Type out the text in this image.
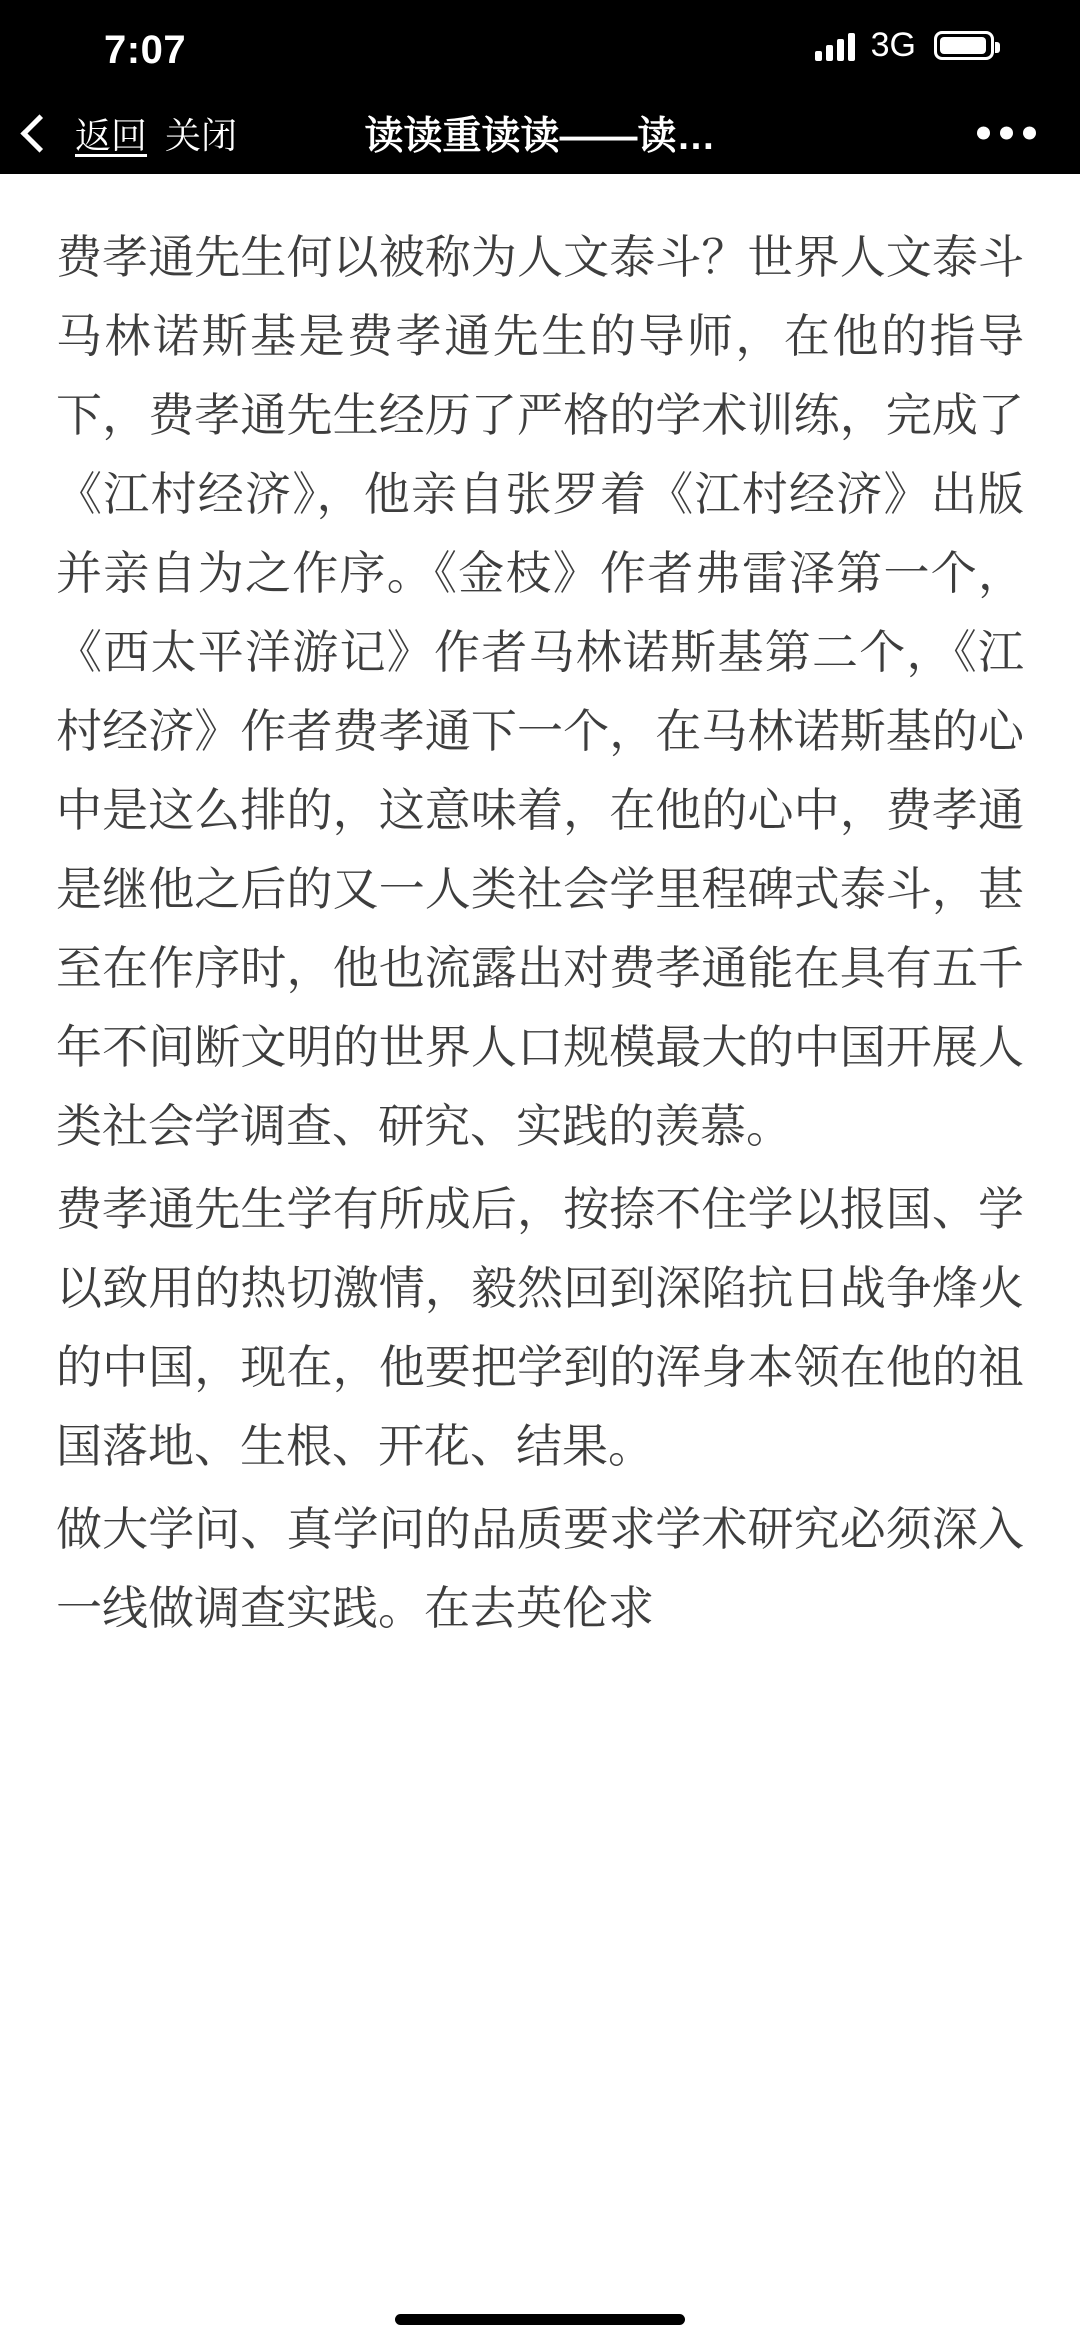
7:07	3G
返回 关闭	读读重读读——读…

费孝通先生何以被称为人文泰斗？世界人文泰斗马林诺斯基是费孝通先生的导师，在他的指导下，费孝通先生经历了严格的学术训练，完成了《江村经济》，他亲自张罗着《江村经济》出版并亲自为之作序。《金枝》作者弗雷泽第一个，《西太平洋游记》作者马林诺斯基第二个，《江村经济》作者费孝通下一个，在马林诺斯基的心中是这么排的，这意味着，在他的心中，费孝通是继他之后的又一人类社会学里程碑式泰斗，甚至在作序时，他也流露出对费孝通能在具有五千年不间断文明的世界人口规模最大的中国开展人类社会学调查、研究、实践的羡慕。

费孝通先生学有所成后，按捺不住学以报国、学以致用的热切激情，毅然回到深陷抗日战争烽火的中国，现在，他要把学到的浑身本领在他的祖国落地、生根、开花、结果。

做大学问、真学问的品质要求学术研究必须深入一线做调查实践。在去英伦求
